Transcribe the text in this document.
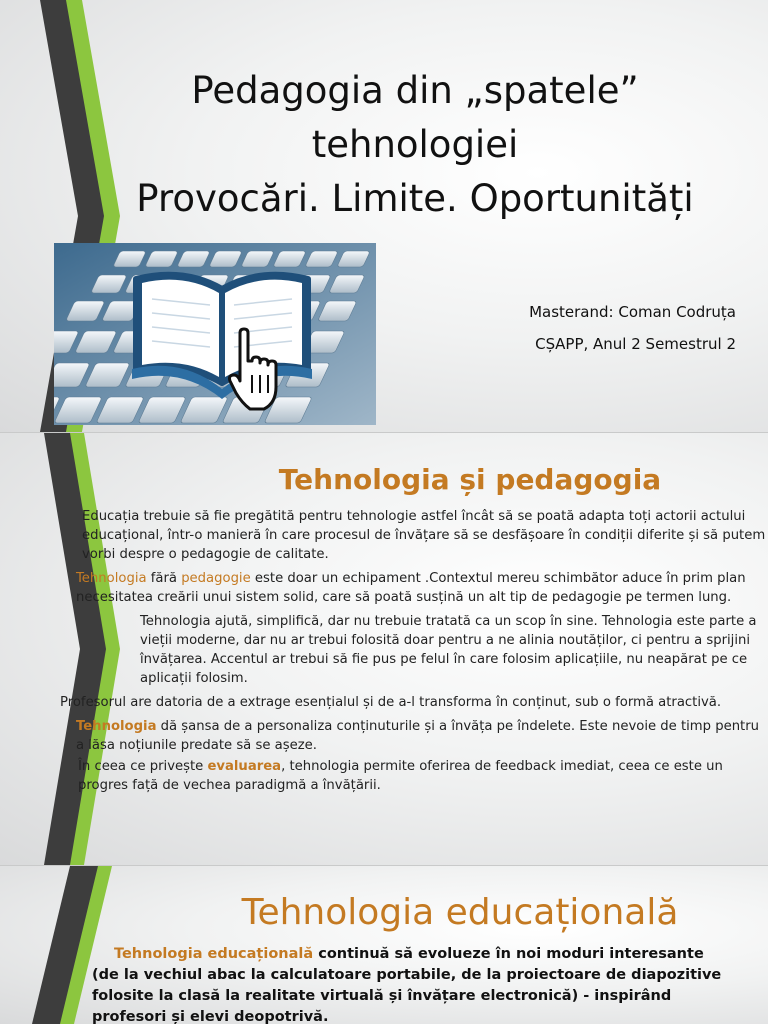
Pedagogia din „spatele”
tehnologiei
Provocări. Limite. Oportunități
Masterand: Coman Codruța
CȘAPP, Anul 2 Semestrul 2
Tehnologia și pedagogia

Educația trebuie să fie pregătită pentru tehnologie astfel încât să se poată adapta toți actorii actului educațional, într-o manieră în care procesul de învățare să se desfășoare în condiții diferite și să putem vorbi despre o pedagogie de calitate.

Tehnologia fără pedagogie este doar un echipament .Contextul mereu schimbător aduce în prim plan necesitatea creării unui sistem solid, care să poată susțină un alt tip de pedagogie pe termen lung.

Tehnologia ajută, simplifică, dar nu trebuie tratată ca un scop în sine. Tehnologia este parte a vieții moderne, dar nu ar trebui folosită doar pentru a ne alinia noutăților, ci pentru a sprijini învățarea. Accentul ar trebui să fie pus pe felul în care folosim aplicațiile, nu neapărat pe ce aplicații folosim.

Profesorul are datoria de a extrage esențialul și de a-l transforma în conținut, sub o formă atractivă.

Tehnologia dă șansa de a personaliza conținuturile și a învăța pe îndelete. Este nevoie de timp pentru a lăsa noțiunile predate să se așeze.

În ceea ce privește evaluarea, tehnologia permite oferirea de feedback imediat, ceea ce este un progres față de vechea paradigmă a învățării.

Tehnologia educațională
Tehnologia educațională continuă să evolueze în noi moduri interesante (de la vechiul abac la calculatoare portabile, de la proiectoare de diapozitive folosite la clasă la realitate virtuală și învățare electronică) - inspirând profesori și elevi deopotrivă.
